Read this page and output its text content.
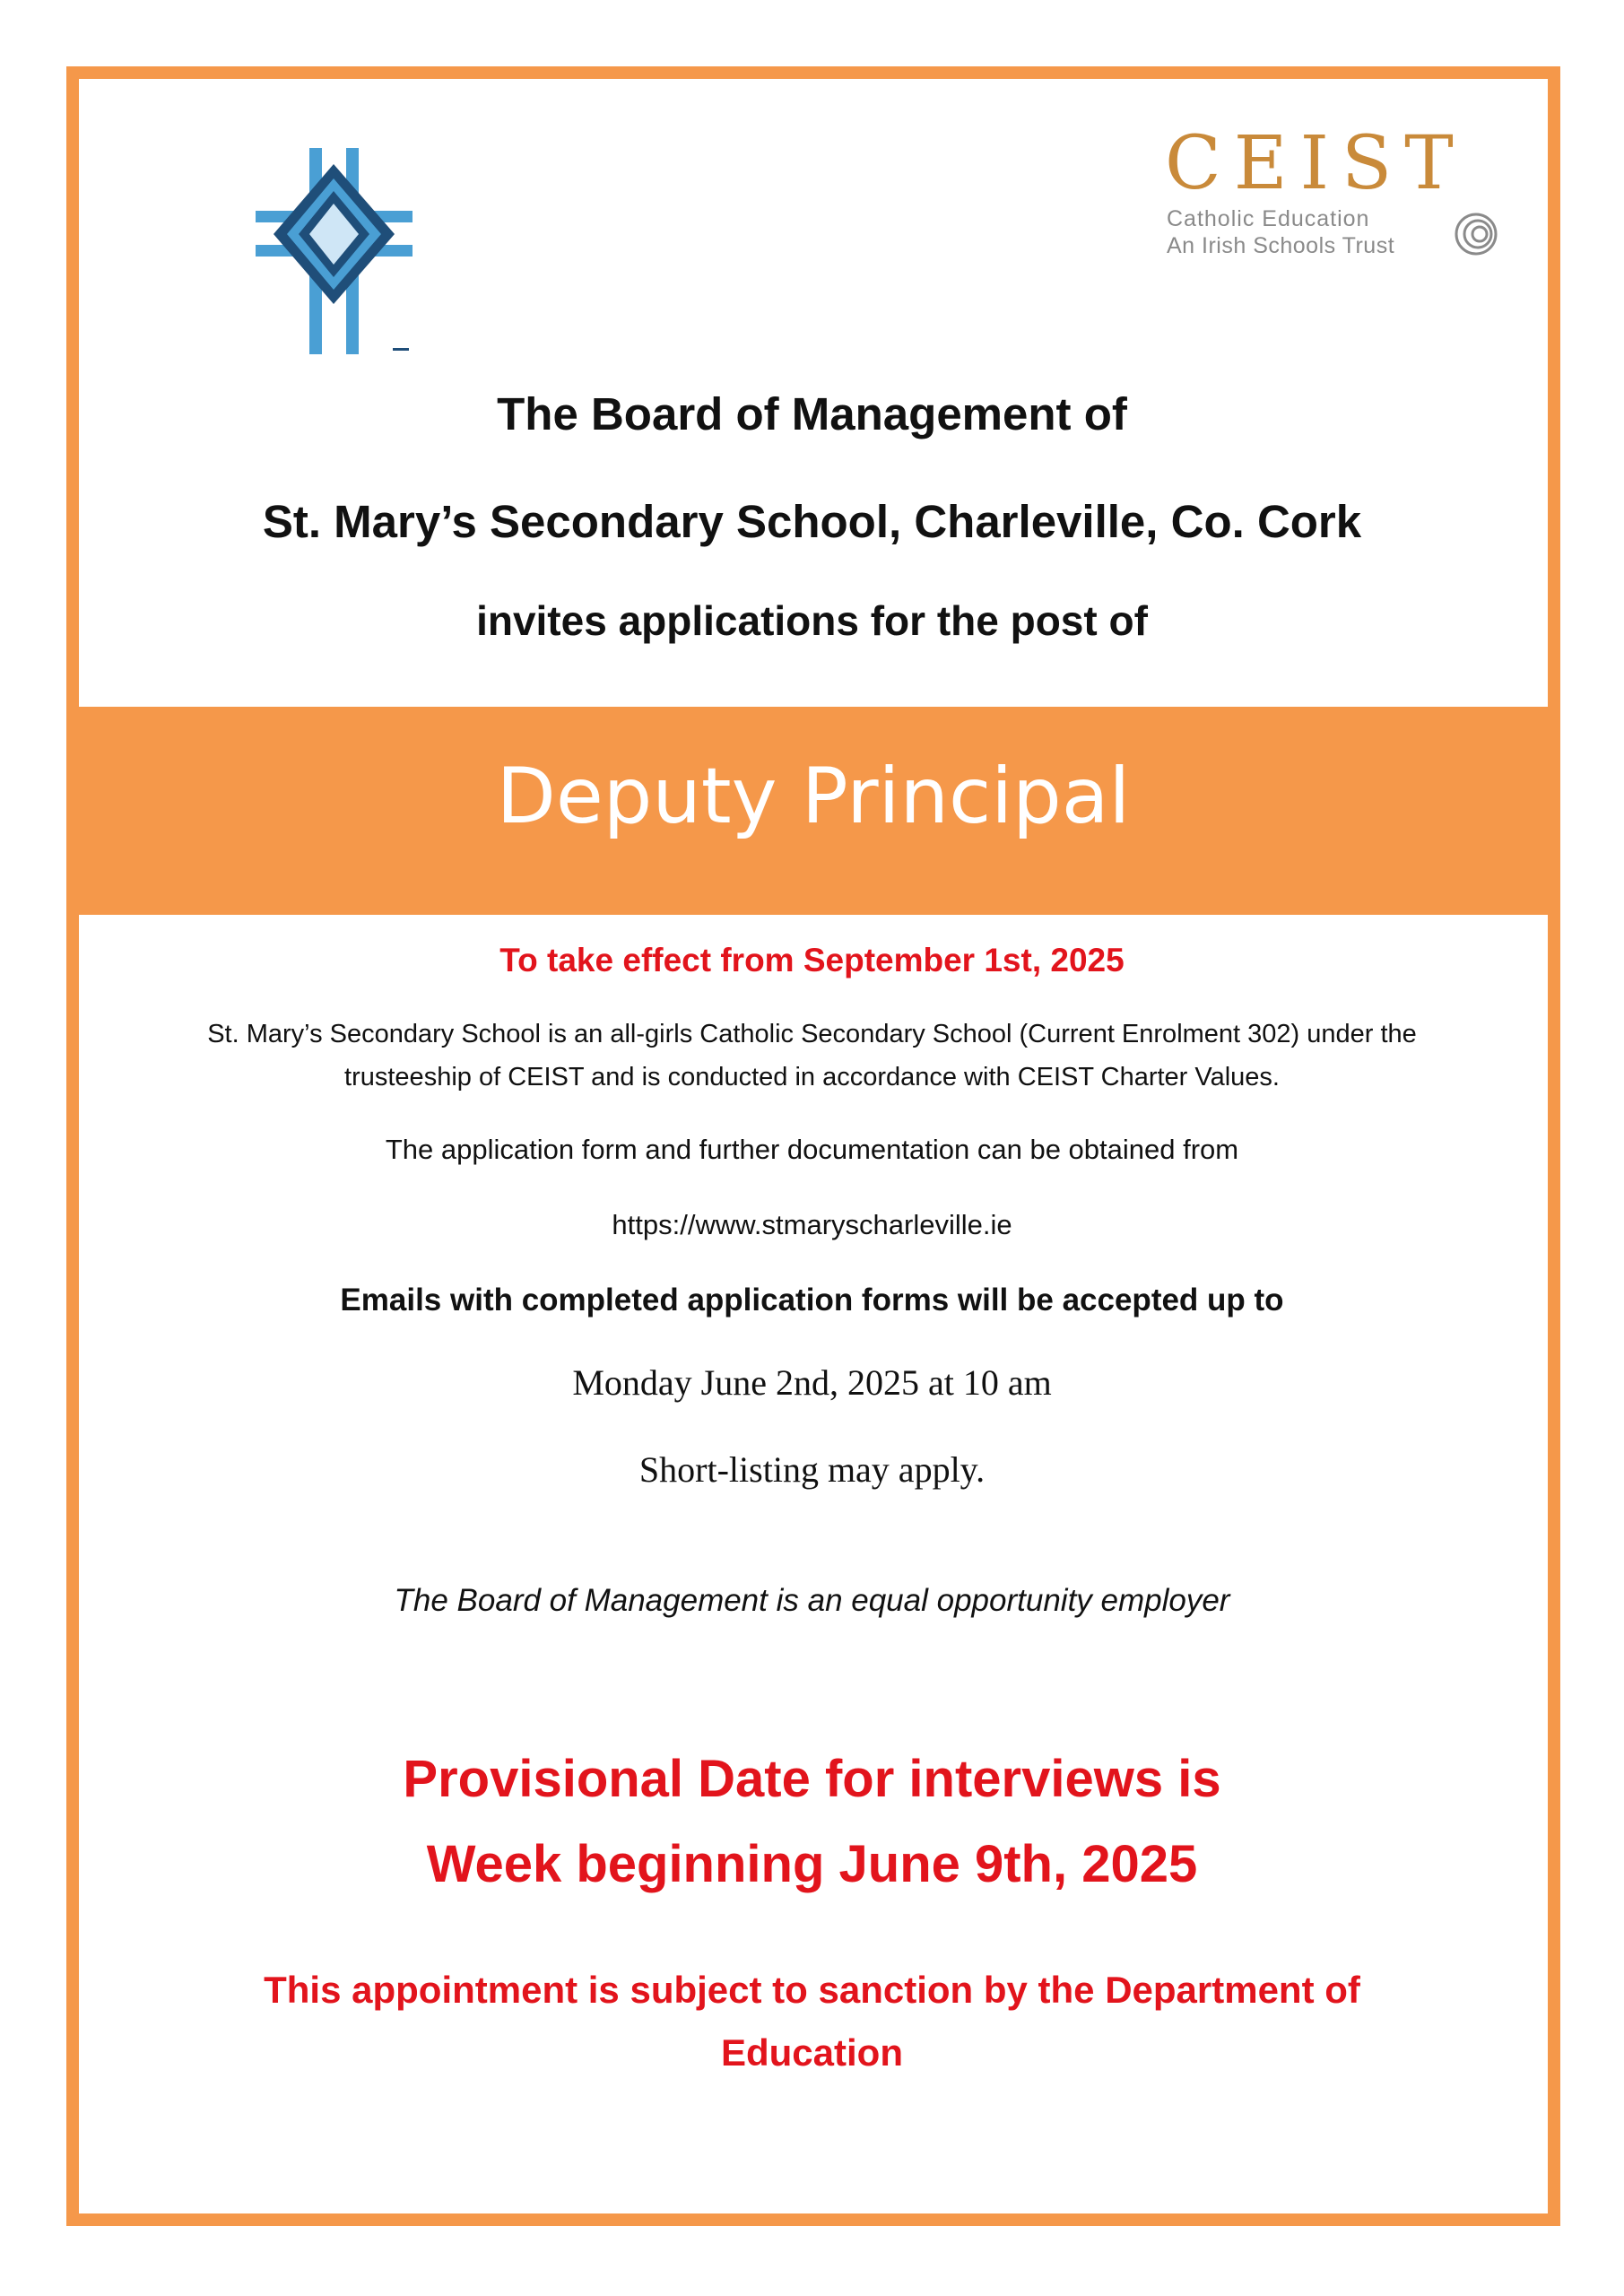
CEIST
Catholic Education
An Irish Schools Trust
The Board of Management of
St. Mary’s Secondary School, Charleville, Co. Cork
invites applications for the post of
Deputy Principal
To take effect from September 1st, 2025
St. Mary’s Secondary School is an all-girls Catholic Secondary School (Current Enrolment 302) under the
trusteeship of CEIST and is conducted in accordance with CEIST Charter Values.
The application form and further documentation can be obtained from
https://www.stmaryscharleville.ie
Emails with completed application forms will be accepted up to
Monday June 2nd, 2025 at 10 am
Short-listing may apply.
The Board of Management is an equal opportunity employer
Provisional Date for interviews is
Week beginning June 9th, 2025
This appointment is subject to sanction by the Department of
Education
